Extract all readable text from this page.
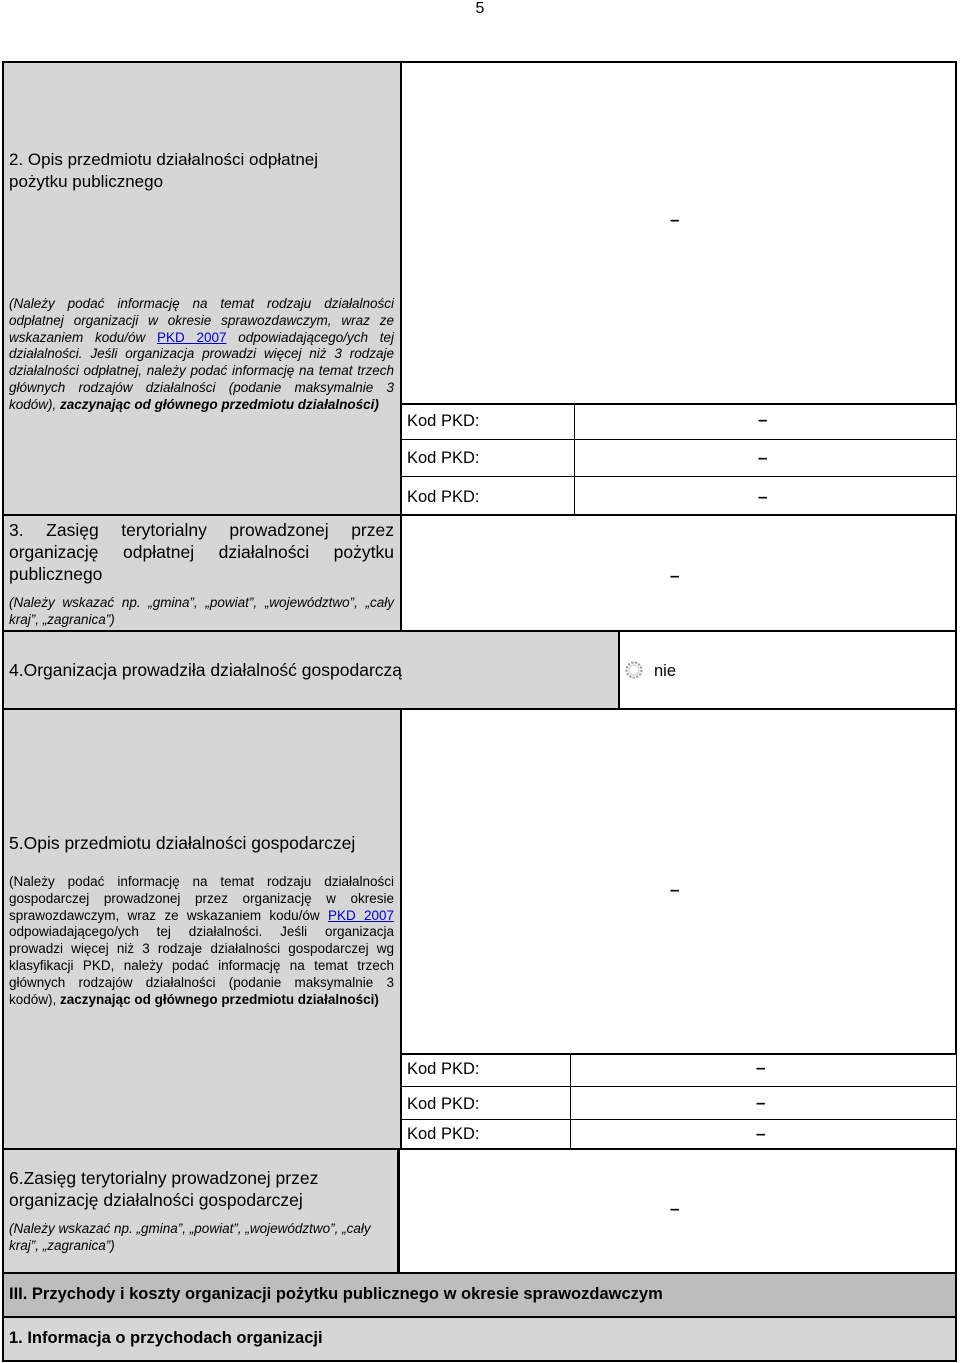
5
2. Opis przedmiotu działalności odpłatnej
pożytku publicznego
(Należy podać informację na temat rodzaju działalności odpłatnej organizacji w okresie sprawozdawczym, wraz ze wskazaniem kodu/ów PKD 2007 odpowiadającego/ych tej działalności. Jeśli organizacja prowadzi więcej niż 3 rodzaje działalności odpłatnej, należy podać informację na temat trzech głównych rodzajów działalności (podanie maksymalnie 3 kodów), zaczynając od głównego przedmiotu działalności)
–
Kod PKD:
Kod PKD:
Kod PKD:
–
–
–
3. Zasięg terytorialny prowadzonej przez organizację odpłatnej działalności pożytku publicznego
(Należy wskazać np. „gmina”, „powiat”, „województwo”, „cały kraj”, „zagranica”)
–
4.Organizacja prowadziła działalność gospodarczą	nie
5.Opis przedmiotu działalności gospodarczej
(Należy podać informację na temat rodzaju działalności gospodarczej prowadzonej przez organizację w okresie sprawozdawczym, wraz ze wskazaniem kodu/ów PKD 2007 odpowiadającego/ych tej działalności. Jeśli organizacja prowadzi więcej niż 3 rodzaje działalności gospodarczej wg klasyfikacji PKD, należy podać informację na temat trzech głównych rodzajów działalności (podanie maksymalnie 3 kodów), zaczynając od głównego przedmiotu działalności)
–
Kod PKD:
Kod PKD:
Kod PKD:
–
–
–
6.Zasięg terytorialny prowadzonej przez organizację działalności gospodarczej
(Należy wskazać np. „gmina”, „powiat”, „województwo”, „cały kraj”, „zagranica”)
–
III. Przychody i koszty organizacji pożytku publicznego w okresie sprawozdawczym
1. Informacja o przychodach organizacji
